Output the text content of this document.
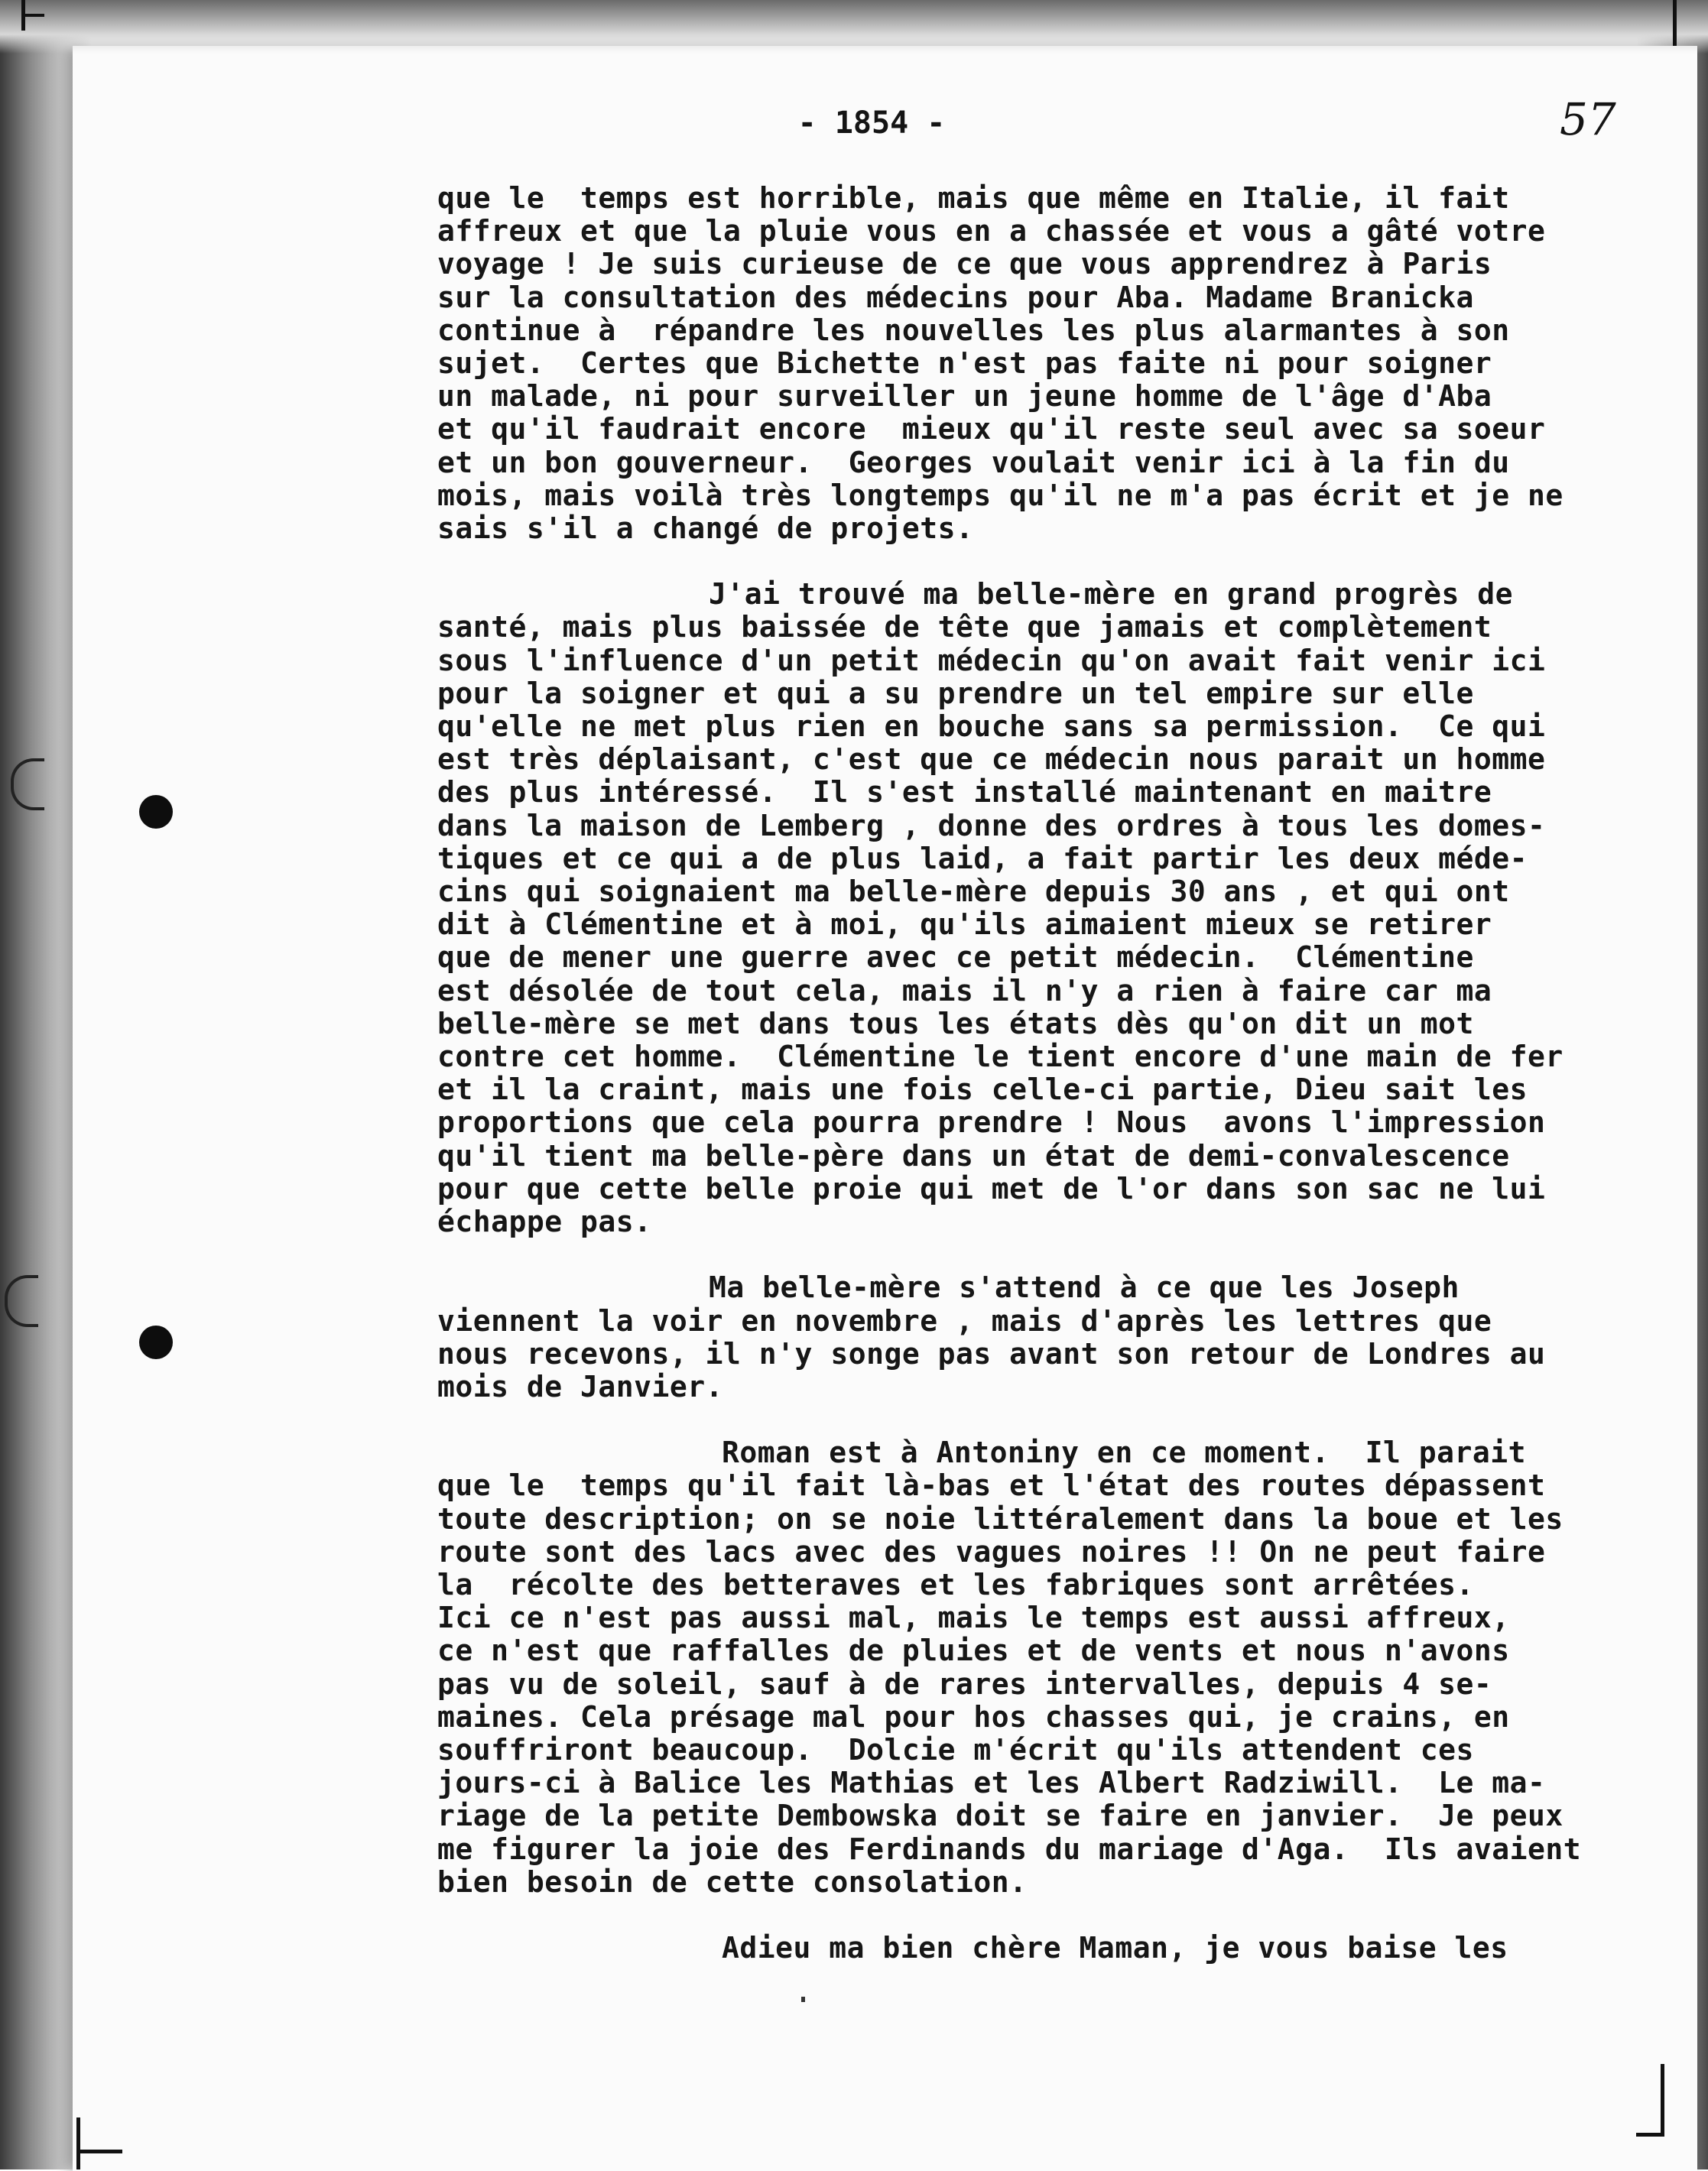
- 1854 -	57
que le  temps est horrible, mais que même en Italie, il fait
affreux et que la pluie vous en a chassée et vous a gâté votre
voyage ! Je suis curieuse de ce que vous apprendrez à Paris
sur la consultation des médecins pour Aba. Madame Branicka
continue à  répandre les nouvelles les plus alarmantes à son
sujet.  Certes que Bichette n'est pas faite ni pour soigner
un malade, ni pour surveiller un jeune homme de l'âge d'Aba
et qu'il faudrait encore  mieux qu'il reste seul avec sa soeur
et un bon gouverneur.  Georges voulait venir ici à la fin du
mois, mais voilà très longtemps qu'il ne m'a pas écrit et je ne
sais s'il a changé de projets.
J'ai trouvé ma belle-mère en grand progrès de
santé, mais plus baissée de tête que jamais et complètement
sous l'influence d'un petit médecin qu'on avait fait venir ici
pour la soigner et qui a su prendre un tel empire sur elle
qu'elle ne met plus rien en bouche sans sa permission.  Ce qui
est très déplaisant, c'est que ce médecin nous parait un homme
des plus intéressé.  Il s'est installé maintenant en maitre
dans la maison de Lemberg , donne des ordres à tous les domes-
tiques et ce qui a de plus laid, a fait partir les deux méde-
cins qui soignaient ma belle-mère depuis 30 ans , et qui ont
dit à Clémentine et à moi, qu'ils aimaient mieux se retirer
que de mener une guerre avec ce petit médecin.  Clémentine
est désolée de tout cela, mais il n'y a rien à faire car ma
belle-mère se met dans tous les états dès qu'on dit un mot
contre cet homme.  Clémentine le tient encore d'une main de fer
et il la craint, mais une fois celle-ci partie, Dieu sait les
proportions que cela pourra prendre ! Nous  avons l'impression
qu'il tient ma belle-père dans un état de demi-convalescence
pour que cette belle proie qui met de l'or dans son sac ne lui
échappe pas.
Ma belle-mère s'attend à ce que les Joseph
viennent la voir en novembre , mais d'après les lettres que
nous recevons, il n'y songe pas avant son retour de Londres au
mois de Janvier.
Roman est à Antoniny en ce moment.  Il parait
que le  temps qu'il fait là-bas et l'état des routes dépassent
toute description; on se noie littéralement dans la boue et les
route sont des lacs avec des vagues noires !! On ne peut faire
la  récolte des betteraves et les fabriques sont arrêtées.
Ici ce n'est pas aussi mal, mais le temps est aussi affreux,
ce n'est que raffalles de pluies et de vents et nous n'avons
pas vu de soleil, sauf à de rares intervalles, depuis 4 se-
maines. Cela présage mal pour hos chasses qui, je crains, en
souffriront beaucoup.  Dolcie m'écrit qu'ils attendent ces
jours-ci à Balice les Mathias et les Albert Radziwill.  Le ma-
riage de la petite Dembowska doit se faire en janvier.  Je peux
me figurer la joie des Ferdinands du mariage d'Aga.  Ils avaient
bien besoin de cette consolation.
Adieu ma bien chère Maman, je vous baise les
